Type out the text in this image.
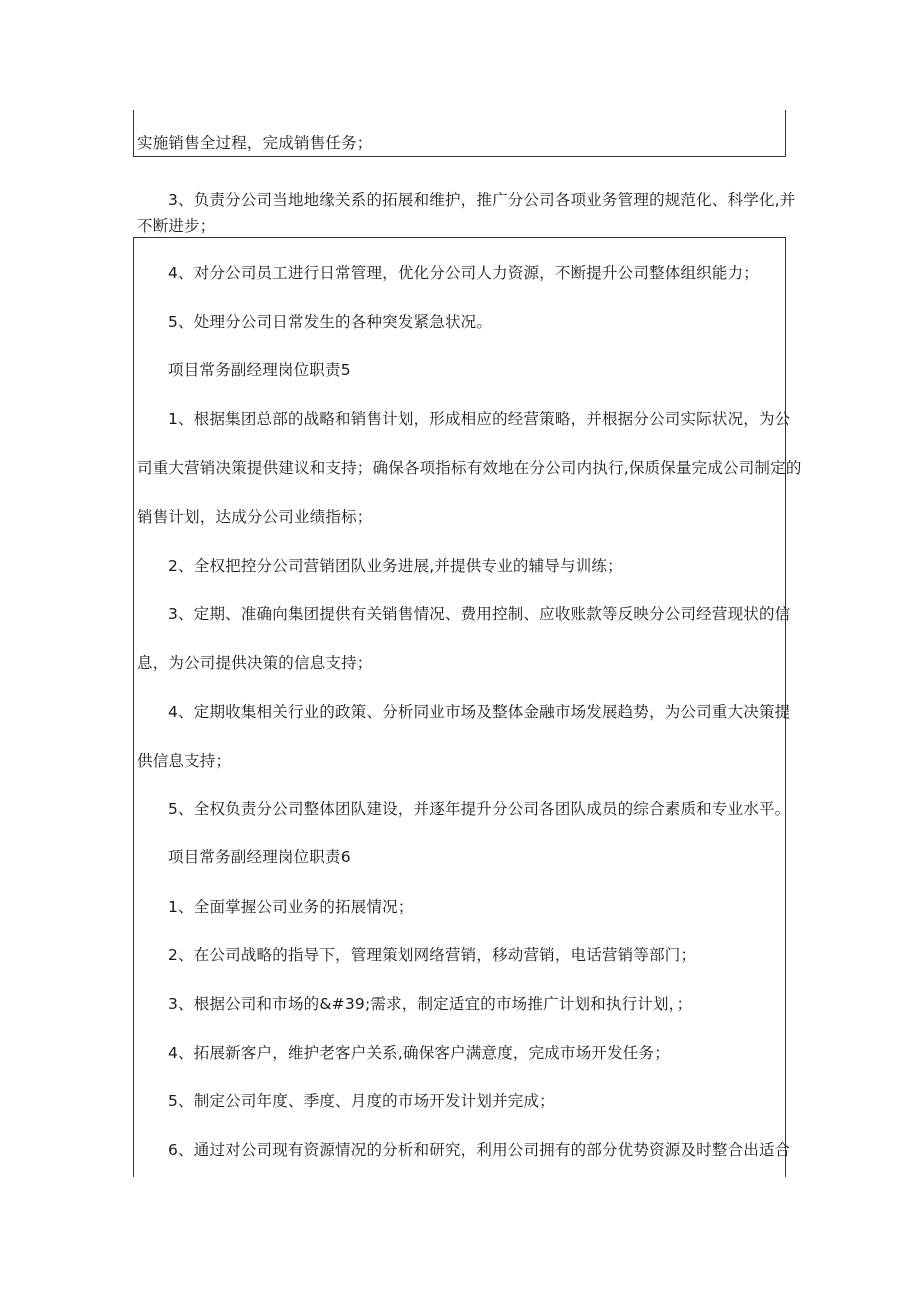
实施销售全过程，完成销售任务；
3、负责分公司当地地缘关系的拓展和维护，推广分公司各项业务管理的规范化、科学化,并
不断进步；
4、对分公司员工进行日常管理，优化分公司人力资源，不断提升公司整体组织能力；
5、处理分公司日常发生的各种突发紧急状况。
项目常务副经理岗位职责5
1、根据集团总部的战略和销售计划，形成相应的经营策略，并根据分公司实际状况，为公
司重大营销决策提供建议和支持；确保各项指标有效地在分公司内执行,保质保量完成公司制定的
销售计划，达成分公司业绩指标；
2、全权把控分公司营销团队业务进展,并提供专业的辅导与训练；
3、定期、准确向集团提供有关销售情况、费用控制、应收账款等反映分公司经营现状的信
息，为公司提供决策的信息支持；
4、定期收集相关行业的政策、分析同业市场及整体金融市场发展趋势，为公司重大决策提
供信息支持；
5、全权负责分公司整体团队建设，并逐年提升分公司各团队成员的综合素质和专业水平。
项目常务副经理岗位职责6
1、全面掌握公司业务的拓展情况；
2、在公司战略的指导下，管理策划网络营销，移动营销，电话营销等部门；
3、根据公司和市场的&#39;需求，制定适宜的市场推广计划和执行计划，；
4、拓展新客户，维护老客户关系,确保客户满意度，完成市场开发任务；
5、制定公司年度、季度、月度的市场开发计划并完成；
6、通过对公司现有资源情况的分析和研究，利用公司拥有的部分优势资源及时整合出适合
